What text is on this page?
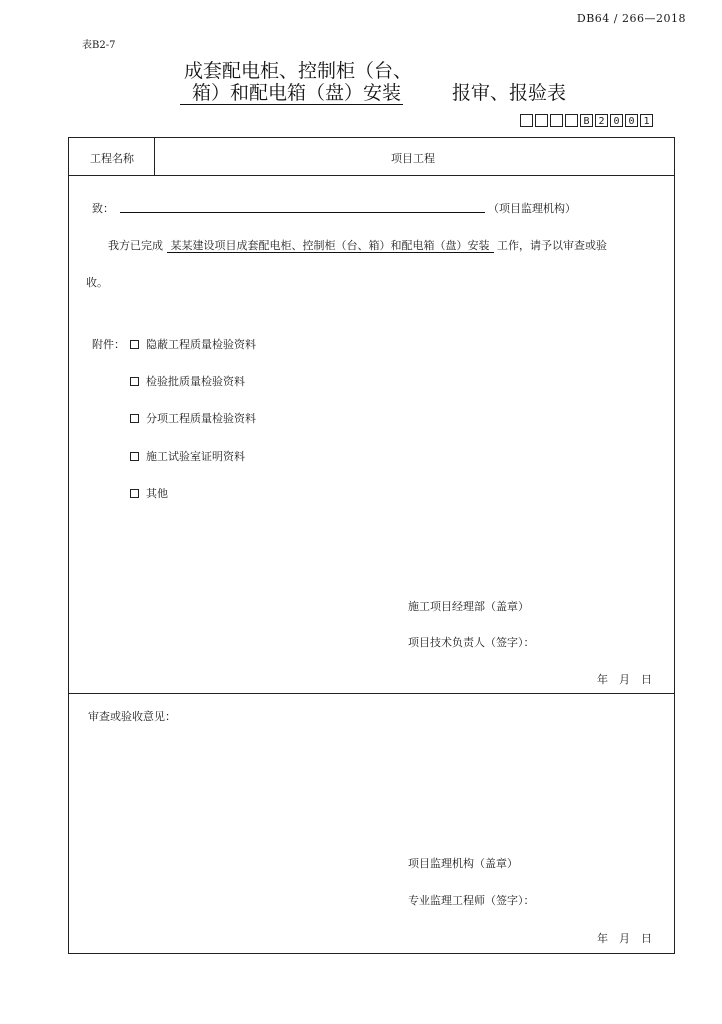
DB64 / 266—2018
表B2-7
成套配电柜、控制柜（台、
箱）和配电箱（盘）安装	报审、报验表
B 2 0 0 1
工程名称	项目工程
致：	（项目监理机构）
我方已完成 某某建设项目成套配电柜、控制柜（台、箱）和配电箱（盘）安装 工作，请予以审查或验
收。
附件： 隐蔽工程质量检验资料
检验批质量检验资料
分项工程质量检验资料
施工试验室证明资料
其他
施工项目经理部（盖章）
项目技术负责人（签字）：
年　月　日
审查或验收意见：
项目监理机构（盖章）
专业监理工程师（签字）：
年　月　日
